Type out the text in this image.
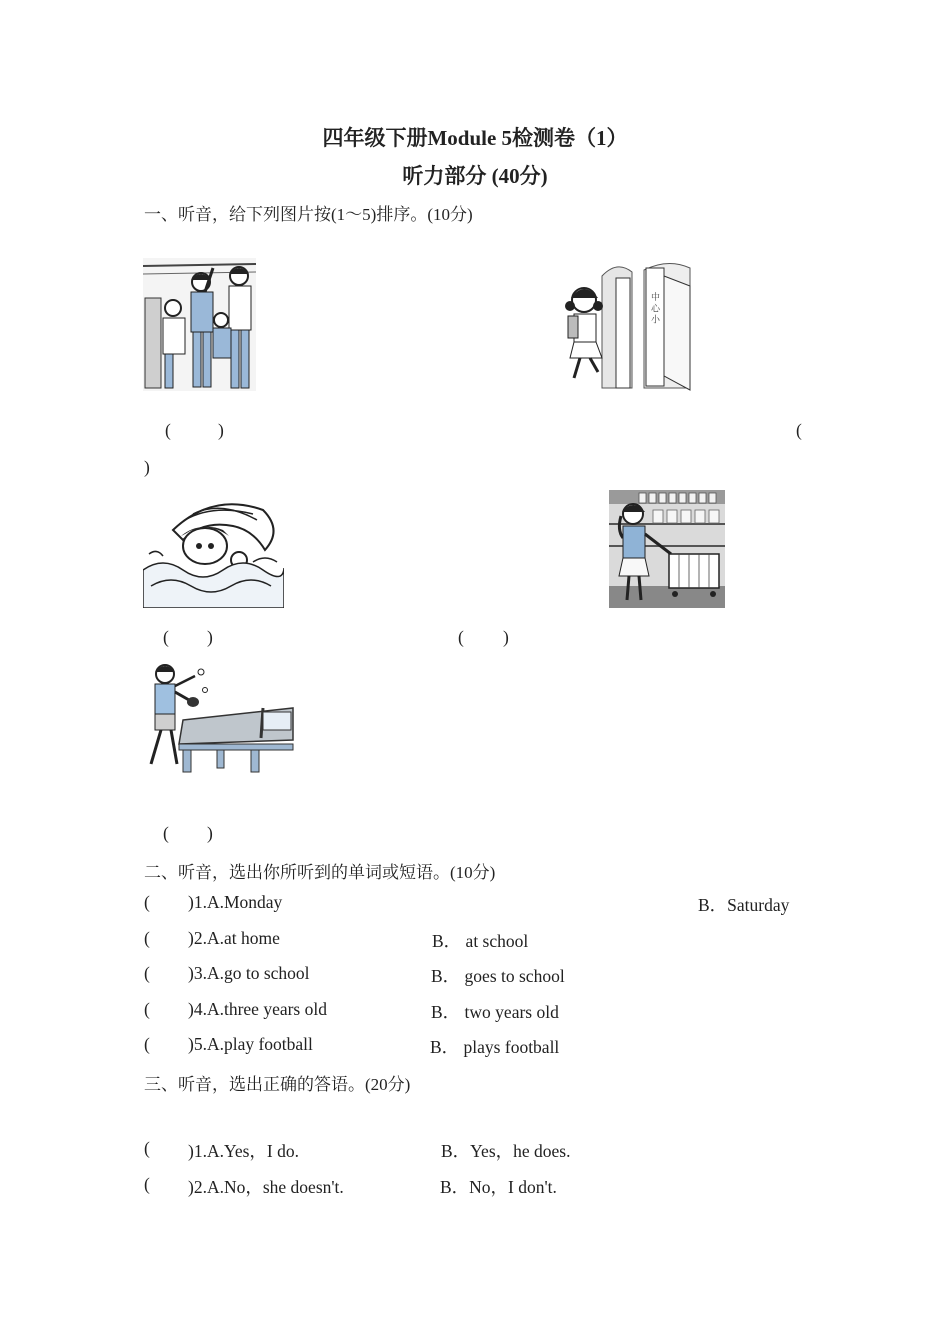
四年级下册Module 5检测卷（1）
听力部分 (40分)
一、听音，给下列图片按(1～5)排序。(10分)
中 心 小
(	)	(
)
( )	( )
( )
二、听音，选出你所听到的单词或短语。(10分)
( )1.A.Monday	B．Saturday
( )2.A.at home	B． at school
( )3.A.go to school	B． goes to school
( )4.A.three years old	B． two years old
( )5.A.play football	B． plays football
三、听音，选出正确的答语。(20分)
( )1.A.Yes，I do.	B．Yes，he does.
( )2.A.No，she doesn't.	B．No，I don't.
